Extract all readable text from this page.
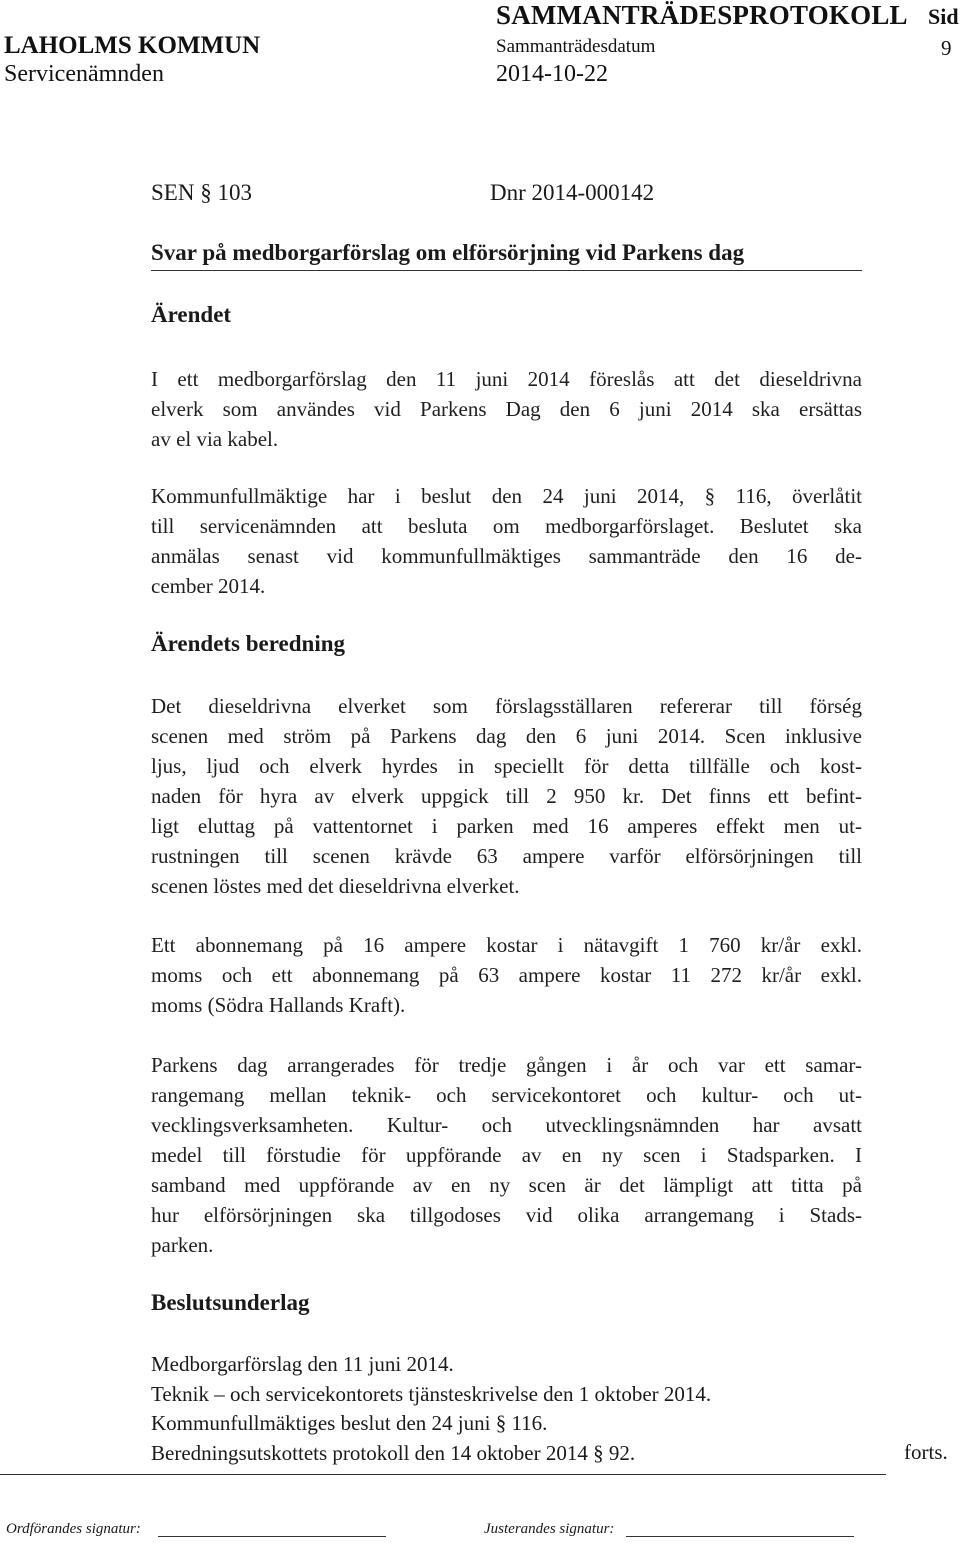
SAMMANTRÄDESPROTOKOLL Sid
LAHOLMS KOMMUN	Sammanträdesdatum	9
Servicenämnden	2014-10-22
SEN § 103	Dnr 2014-000142
Svar på medborgarförslag om elförsörjning vid Parkens dag
Ärendet
I ett medborgarförslag den 11 juni 2014 föreslås att det dieseldrivna
elverk som användes vid Parkens Dag den 6 juni 2014 ska ersättas
av el via kabel.
Kommunfullmäktige har i beslut den 24 juni 2014, § 116, överlåtit
till servicenämnden att besluta om medborgarförslaget. Beslutet ska
anmälas senast vid kommunfullmäktiges sammanträde den 16 de-
cember 2014.
Ärendets beredning
Det dieseldrivna elverket som förslagsställaren refererar till förség
scenen med ström på Parkens dag den 6 juni 2014. Scen inklusive
ljus, ljud och elverk hyrdes in speciellt för detta tillfälle och kost-
naden för hyra av elverk uppgick till 2 950 kr. Det finns ett befint-
ligt eluttag på vattentornet i parken med 16 amperes effekt men ut-
rustningen till scenen krävde 63 ampere varför elförsörjningen till
scenen löstes med det dieseldrivna elverket.
Ett abonnemang på 16 ampere kostar i nätavgift 1 760 kr/år exkl.
moms och ett abonnemang på 63 ampere kostar 11 272 kr/år exkl.
moms (Södra Hallands Kraft).
Parkens dag arrangerades för tredje gången i år och var ett samar-
rangemang mellan teknik- och servicekontoret och kultur- och ut-
vecklingsverksamheten. Kultur- och utvecklingsnämnden har avsatt
medel till förstudie för uppförande av en ny scen i Stadsparken. I
samband med uppförande av en ny scen är det lämpligt att titta på
hur elförsörjningen ska tillgodoses vid olika arrangemang i Stads-
parken.
Beslutsunderlag
Medborgarförslag den 11 juni 2014.
Teknik – och servicekontorets tjänsteskrivelse den 1 oktober 2014.
Kommunfullmäktiges beslut den 24 juni § 116.
Beredningsutskottets protokoll den 14 oktober 2014 § 92.	forts.
Ordförandes signatur:	Justerandes signatur:
